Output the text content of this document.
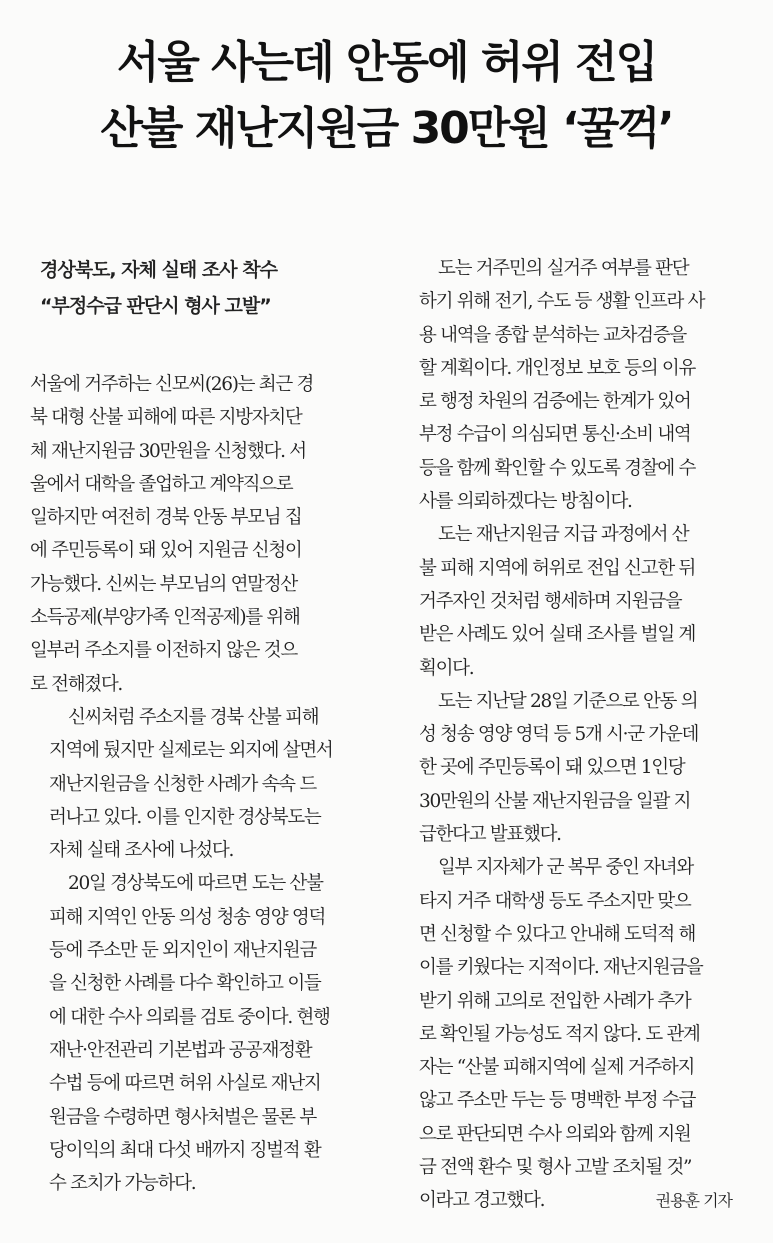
서울 사는데 안동에 허위 전입
산불 재난지원금 30만원 ‘꿀꺽’
경상북도, 자체 실태 조사 착수
“부정수급 판단시 형사 고발”

서울에 거주하는 신모씨(26)는 최근 경
북 대형 산불 피해에 따른 지방자치단
체 재난지원금 30만원을 신청했다. 서
울에서 대학을 졸업하고 계약직으로
일하지만 여전히 경북 안동 부모님 집
에 주민등록이 돼 있어 지원금 신청이
가능했다. 신씨는 부모님의 연말정산
소득공제(부양가족 인적공제)를 위해
일부러 주소지를 이전하지 않은 것으
로 전해졌다.

신씨처럼 주소지를 경북 산불 피해
지역에 뒀지만 실제로는 외지에 살면서
재난지원금을 신청한 사례가 속속 드
러나고 있다. 이를 인지한 경상북도는
자체 실태 조사에 나섰다.

20일 경상북도에 따르면 도는 산불
피해 지역인 안동 의성 청송 영양 영덕
등에 주소만 둔 외지인이 재난지원금
을 신청한 사례를 다수 확인하고 이들
에 대한 수사 의뢰를 검토 중이다. 현행
재난·안전관리 기본법과 공공재정환
수법 등에 따르면 허위 사실로 재난지
원금을 수령하면 형사처벌은 물론 부
당이익의 최대 다섯 배까지 징벌적 환
수 조치가 가능하다.

도는 거주민의 실거주 여부를 판단
하기 위해 전기, 수도 등 생활 인프라 사
용 내역을 종합 분석하는 교차검증을
할 계획이다. 개인정보 보호 등의 이유
로 행정 차원의 검증에는 한계가 있어
부정 수급이 의심되면 통신·소비 내역
등을 함께 확인할 수 있도록 경찰에 수
사를 의뢰하겠다는 방침이다.

도는 재난지원금 지급 과정에서 산
불 피해 지역에 허위로 전입 신고한 뒤
거주자인 것처럼 행세하며 지원금을
받은 사례도 있어 실태 조사를 벌일 계
획이다.

도는 지난달 28일 기준으로 안동 의
성 청송 영양 영덕 등 5개 시·군 가운데
한 곳에 주민등록이 돼 있으면 1인당
30만원의 산불 재난지원금을 일괄 지
급한다고 발표했다.

일부 지자체가 군 복무 중인 자녀와
타지 거주 대학생 등도 주소지만 맞으
면 신청할 수 있다고 안내해 도덕적 해
이를 키웠다는 지적이다. 재난지원금을
받기 위해 고의로 전입한 사례가 추가
로 확인될 가능성도 적지 않다. 도 관계
자는 “산불 피해지역에 실제 거주하지
않고 주소만 두는 등 명백한 부정 수급
으로 판단되면 수사 의뢰와 함께 지원
금 전액 환수 및 형사 고발 조치될 것”
이라고 경고했다.	권용훈 기자
